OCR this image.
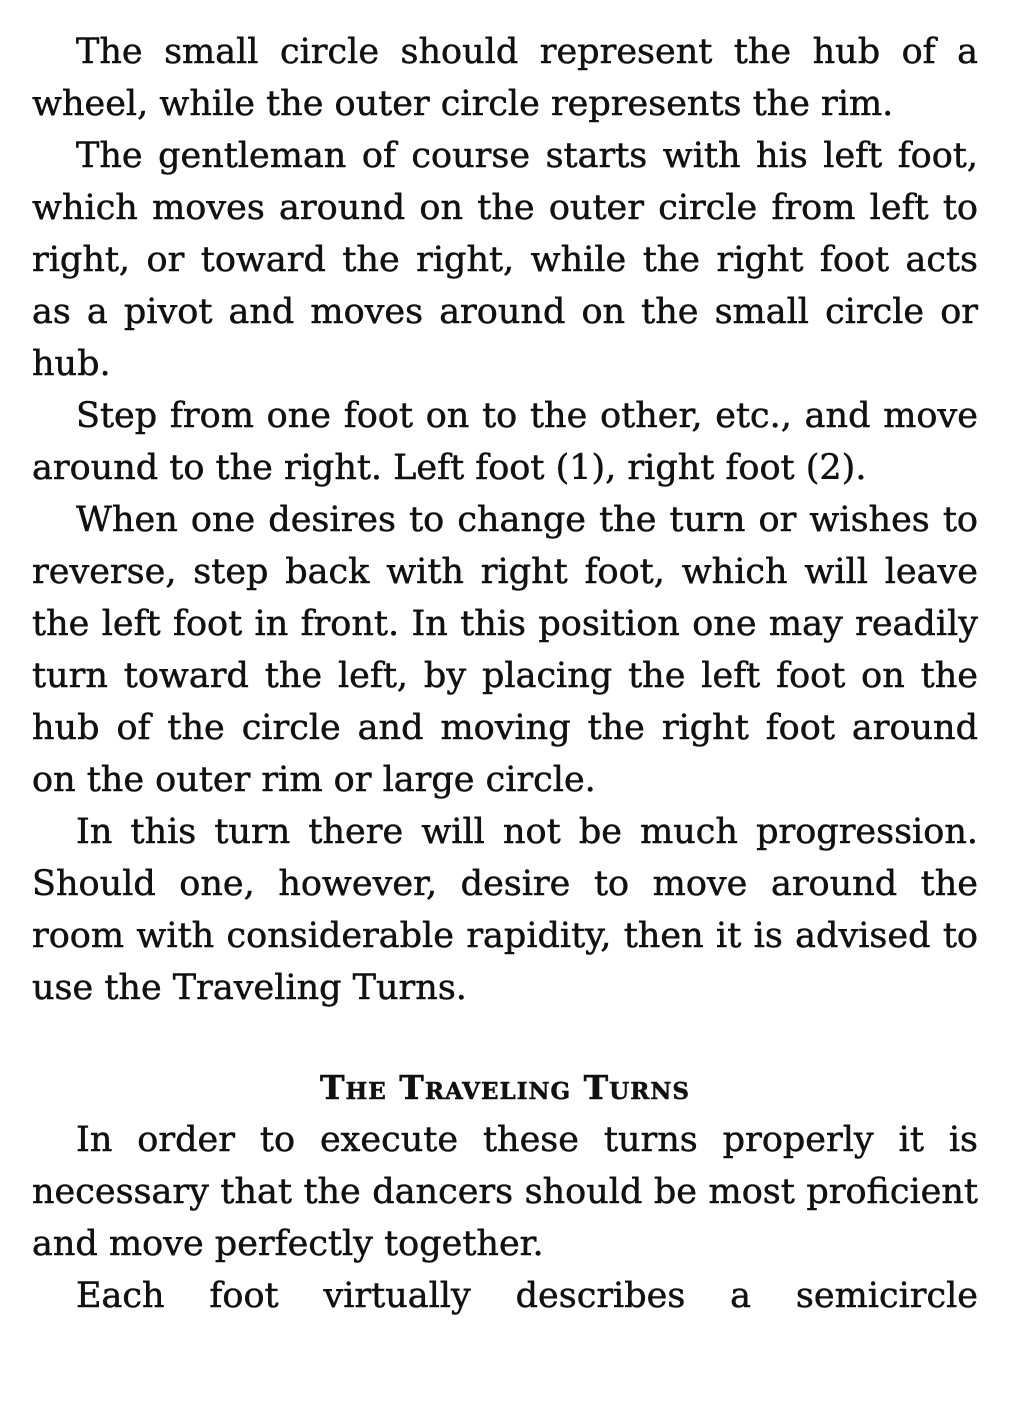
The small circle should represent the hub of a wheel, while the outer circle represents the rim.

The gentleman of course starts with his left foot, which moves around on the outer circle from left to right, or toward the right, while the right foot acts as a pivot and moves around on the small circle or hub.

Step from one foot on to the other, etc., and move around to the right. Left foot (1), right foot (2).

When one desires to change the turn or wishes to reverse, step back with right foot, which will leave the left foot in front. In this position one may readily turn toward the left, by placing the left foot on the hub of the circle and moving the right foot around on the outer rim or large circle.

In this turn there will not be much progression. Should one, however, desire to move around the room with considerable rapidity, then it is advised to use the Traveling Turns.

The Traveling Turns

In order to execute these turns properly it is necessary that the dancers should be most proficient and move perfectly together.

Each foot virtually describes a semicircle
